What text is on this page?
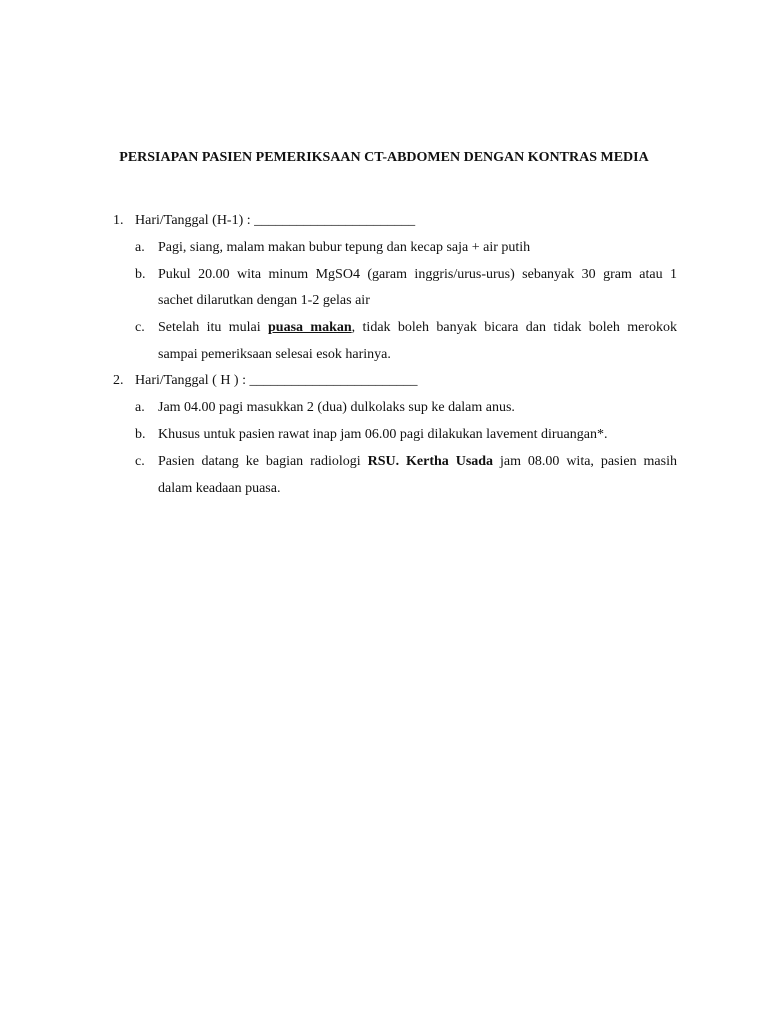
PERSIAPAN PASIEN PEMERIKSAAN CT-ABDOMEN DENGAN KONTRAS MEDIA
1. Hari/Tanggal (H-1) : _______________________
a. Pagi, siang, malam makan bubur tepung dan kecap saja + air putih
b. Pukul 20.00 wita minum MgSO4 (garam inggris/urus-urus) sebanyak 30 gram atau 1
sachet dilarutkan dengan 1-2 gelas air
c. Setelah itu mulai puasa makan, tidak boleh banyak bicara dan tidak boleh merokok
sampai pemeriksaan selesai esok harinya.
2. Hari/Tanggal ( H ) : ________________________
a. Jam 04.00 pagi masukkan 2 (dua) dulkolaks sup ke dalam anus.
b. Khusus untuk pasien rawat inap jam 06.00 pagi dilakukan lavement diruangan*.
c. Pasien datang ke bagian radiologi RSU. Kertha Usada jam 08.00 wita, pasien masih
dalam keadaan puasa.
